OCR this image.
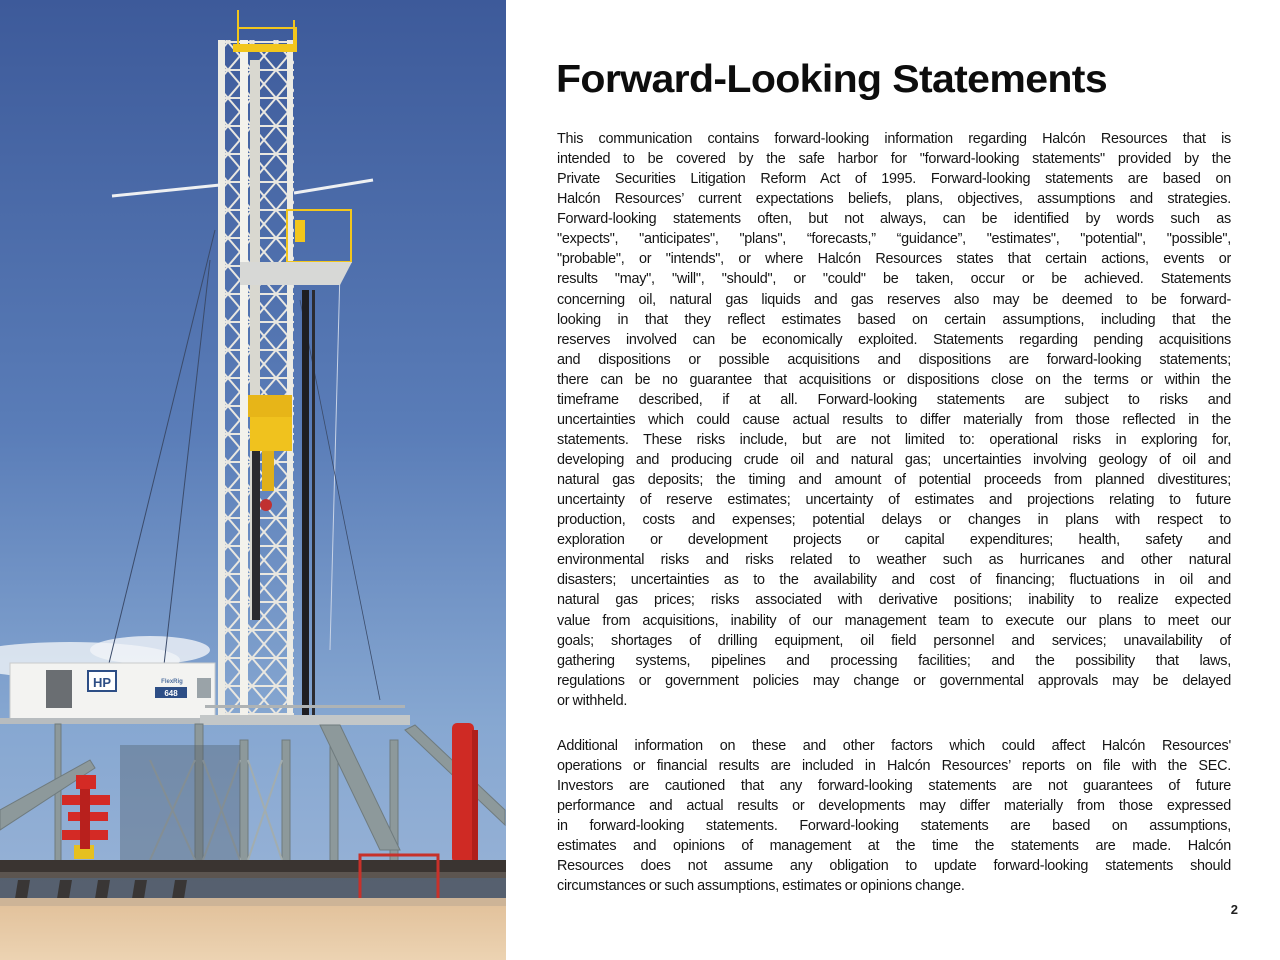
HP	FlexRig
648
Forward-Looking Statements
This communication contains forward-looking information regarding Halcón Resources that is
intended to be covered by the safe harbor for "forward-looking statements" provided by the
Private Securities Litigation Reform Act of 1995. Forward-looking statements are based on
Halcón Resources’ current expectations beliefs, plans, objectives, assumptions and strategies.
Forward-looking statements often, but not always, can be identified by words such as
"expects", "anticipates", "plans", “forecasts,” “guidance”, "estimates", "potential", "possible",
"probable", or "intends", or where Halcón Resources states that certain actions, events or
results "may", "will", "should", or "could" be taken, occur or be achieved. Statements
concerning oil, natural gas liquids and gas reserves also may be deemed to be forward-
looking in that they reflect estimates based on certain assumptions, including that the
reserves involved can be economically exploited. Statements regarding pending acquisitions
and dispositions or possible acquisitions and dispositions are forward-looking statements;
there can be no guarantee that acquisitions or dispositions close on the terms or within the
timeframe described, if at all. Forward-looking statements are subject to risks and
uncertainties which could cause actual results to differ materially from those reflected in the
statements. These risks include, but are not limited to: operational risks in exploring for,
developing and producing crude oil and natural gas; uncertainties involving geology of oil and
natural gas deposits; the timing and amount of potential proceeds from planned divestitures;
uncertainty of reserve estimates; uncertainty of estimates and projections relating to future
production, costs and expenses; potential delays or changes in plans with respect to
exploration or development projects or capital expenditures; health, safety and
environmental risks and risks related to weather such as hurricanes and other natural
disasters; uncertainties as to the availability and cost of financing; fluctuations in oil and
natural gas prices; risks associated with derivative positions; inability to realize expected
value from acquisitions, inability of our management team to execute our plans to meet our
goals; shortages of drilling equipment, oil field personnel and services; unavailability of
gathering systems, pipelines and processing facilities; and the possibility that laws,
regulations or government policies may change or governmental approvals may be delayed
or withheld.
Additional information on these and other factors which could affect Halcón Resources'
operations or financial results are included in Halcón Resources’ reports on file with the SEC.
Investors are cautioned that any forward-looking statements are not guarantees of future
performance and actual results or developments may differ materially from those expressed
in forward-looking statements. Forward-looking statements are based on assumptions,
estimates and opinions of management at the time the statements are made. Halcón
Resources does not assume any obligation to update forward-looking statements should
circumstances or such assumptions, estimates or opinions change.
2
